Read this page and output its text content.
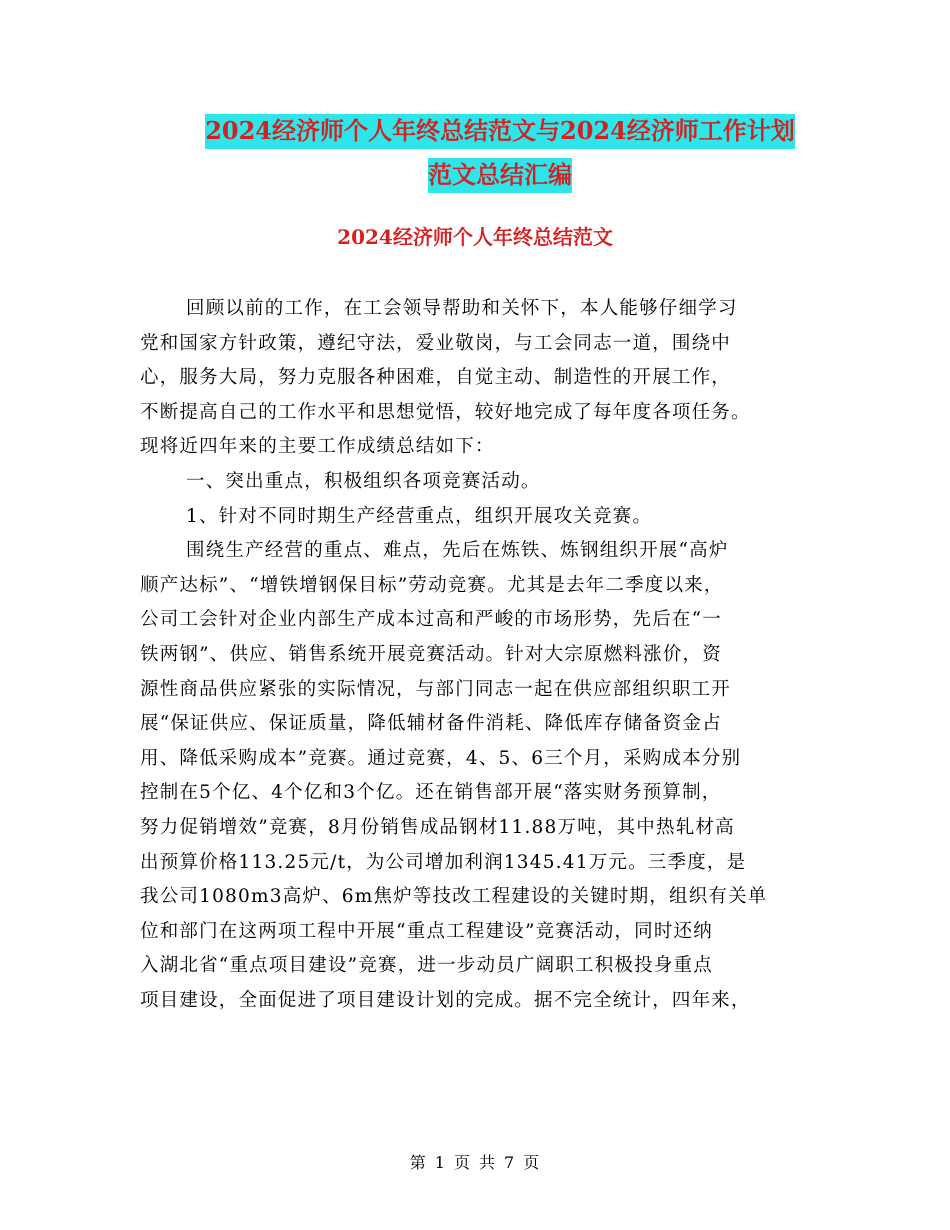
2024经济师个人年终总结范文与2024经济师工作计划
范文总结汇编
2024经济师个人年终总结范文
回顾以前的工作，在工会领导帮助和关怀下，本人能够仔细学习
党和国家方针政策，遵纪守法，爱业敬岗，与工会同志一道，围绕中
心，服务大局，努力克服各种困难，自觉主动、制造性的开展工作，
不断提高自己的工作水平和思想觉悟，较好地完成了每年度各项任务。
现将近四年来的主要工作成绩总结如下：
一、突出重点，积极组织各项竞赛活动。
1、针对不同时期生产经营重点，组织开展攻关竞赛。
围绕生产经营的重点、难点，先后在炼铁、炼钢组织开展“高炉
顺产达标”、“增铁增钢保目标”劳动竞赛。尤其是去年二季度以来，
公司工会针对企业内部生产成本过高和严峻的市场形势，先后在“一
铁两钢”、供应、销售系统开展竞赛活动。针对大宗原燃料涨价，资
源性商品供应紧张的实际情况，与部门同志一起在供应部组织职工开
展“保证供应、保证质量，降低辅材备件消耗、降低库存储备资金占
用、降低采购成本”竞赛。通过竞赛，4、5、6三个月，采购成本分别
控制在5个亿、4个亿和3个亿。还在销售部开展“落实财务预算制，
努力促销增效”竞赛，8月份销售成品钢材11.88万吨，其中热轧材高
出预算价格113.25元/t，为公司增加利润1345.41万元。三季度，是
我公司1080m3高炉、6m焦炉等技改工程建设的关键时期，组织有关单
位和部门在这两项工程中开展“重点工程建设”竞赛活动，同时还纳
入湖北省“重点项目建设”竞赛，进一步动员广阔职工积极投身重点
项目建设，全面促进了项目建设计划的完成。据不完全统计，四年来，
第 1 页 共 7 页
